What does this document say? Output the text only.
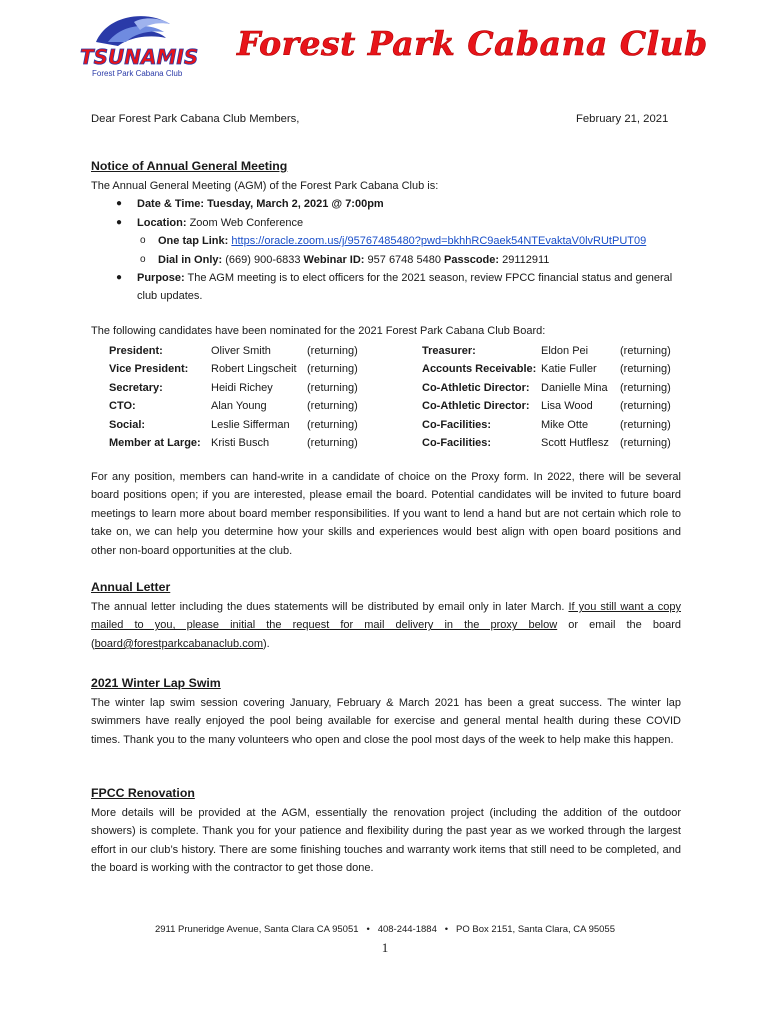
TSUNAMIS
Forest Park Cabana Club
Forest Park Cabana Club
Dear Forest Park Cabana Club Members,	February 21, 2021
Notice of Annual General Meeting
The Annual General Meeting (AGM) of the Forest Park Cabana Club is:
● Date & Time: Tuesday, March 2, 2021 @ 7:00pm
● Location: Zoom Web Conference
o One tap Link: https://oracle.zoom.us/j/95767485480?pwd=bkhhRC9aek54NTEvaktaV0lvRUtPUT09
o Dial in Only: (669) 900-6833 Webinar ID: 957 6748 5480 Passcode: 29112911
● Purpose: The AGM meeting is to elect officers for the 2021 season, review FPCC financial status and general
club updates.
The following candidates have been nominated for the 2021 Forest Park Cabana Club Board:
President:	Oliver Smith	(returning)
Vice President: Robert Lingscheit (returning)
Secretary:	Heidi Richey	(returning)
CTO:	Alan Young	(returning)
Social:	Leslie Sifferman (returning)
Member at Large: Kristi Busch	(returning)
Treasurer:	Eldon Pei	(returning)
Accounts Receivable: Katie Fuller (returning)
Co-Athletic Director: Danielle Mina (returning)
Co-Athletic Director: Lisa Wood (returning)
Co-Facilities:	Mike Otte	(returning)
Co-Facilities:	Scott Hutflesz (returning)
For any position, members can hand-write in a candidate of choice on the Proxy form. In 2022, there will be several board positions open; if you are interested, please email the board. Potential candidates will be invited to future board meetings to learn more about board member responsibilities. If you want to lend a hand but are not certain which role to take on, we can help you determine how your skills and experiences would best align with open board positions and other non-board opportunities at the club.
Annual Letter
The annual letter including the dues statements will be distributed by email only in later March. If you still want a copy mailed to you, please initial the request for mail delivery in the proxy below or email the board (board@forestparkcabanaclub.com).
2021 Winter Lap Swim
The winter lap swim session covering January, February & March 2021 has been a great success. The winter lap swimmers have really enjoyed the pool being available for exercise and general mental health during these COVID times. Thank you to the many volunteers who open and close the pool most days of the week to help make this happen.
FPCC Renovation
More details will be provided at the AGM, essentially the renovation project (including the addition of the outdoor showers) is complete. Thank you for your patience and flexibility during the past year as we worked through the largest effort in our club’s history. There are some finishing touches and warranty work items that still need to be completed, and the board is working with the contractor to get those done.
2911 Pruneridge Avenue, Santa Clara CA 95051 • 408-244-1884 • PO Box 2151, Santa Clara, CA 95055
1
